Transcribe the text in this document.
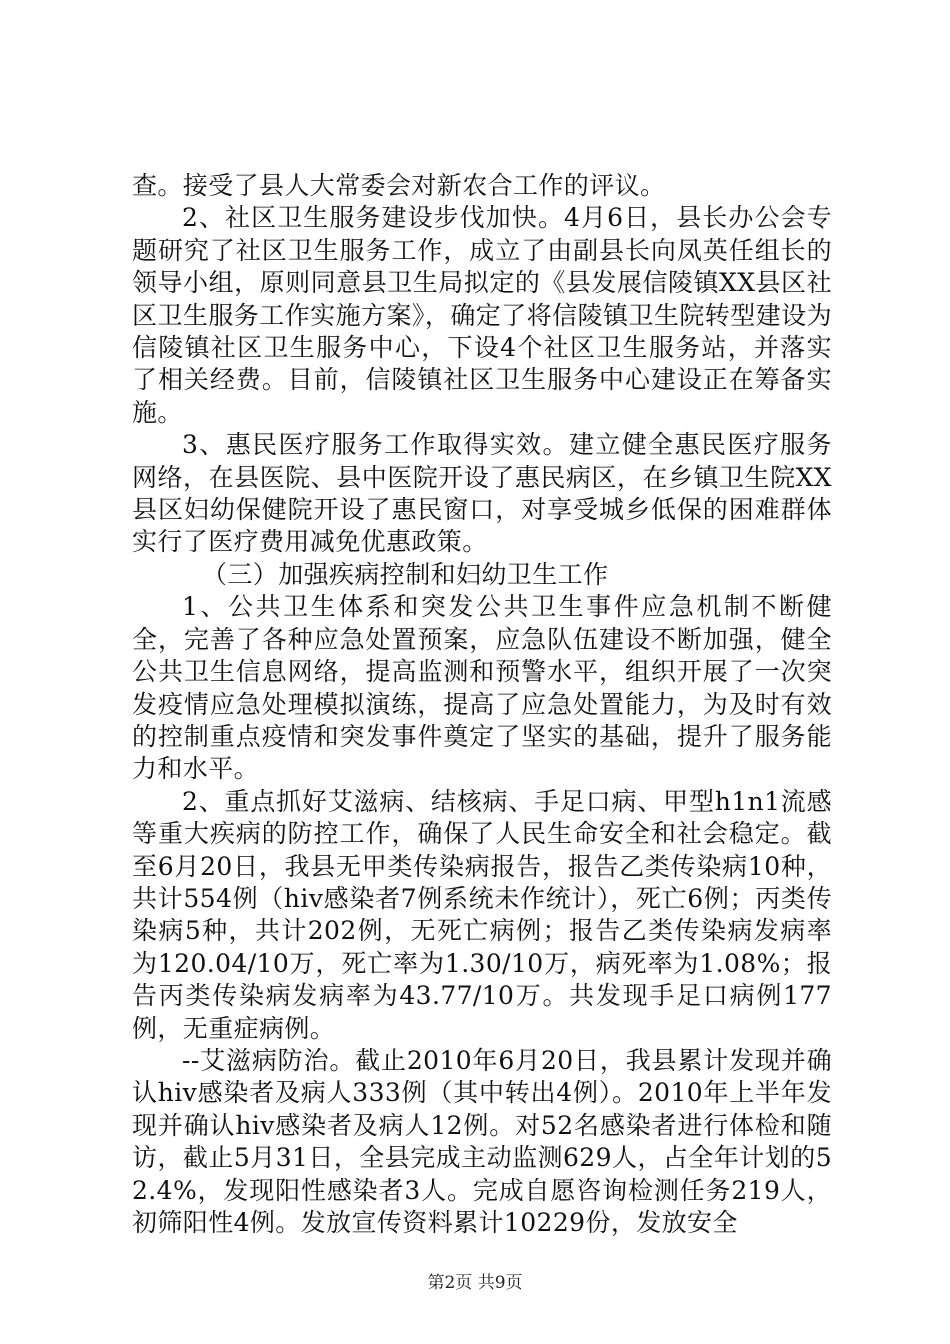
查。接受了县人大常委会对新农合工作的评议。

2、社区卫生服务建设步伐加快。4月6日，县长办公会专题研究了社区卫生服务工作，成立了由副县长向凤英任组长的领导小组，原则同意县卫生局拟定的《县发展信陵镇XX县区社区卫生服务工作实施方案》，确定了将信陵镇卫生院转型建设为信陵镇社区卫生服务中心，下设4个社区卫生服务站，并落实了相关经费。目前，信陵镇社区卫生服务中心建设正在筹备实施。

3、惠民医疗服务工作取得实效。建立健全惠民医疗服务网络，在县医院、县中医院开设了惠民病区，在乡镇卫生院XX县区妇幼保健院开设了惠民窗口，对享受城乡低保的困难群体实行了医疗费用减免优惠政策。

（三）加强疾病控制和妇幼卫生工作

1、公共卫生体系和突发公共卫生事件应急机制不断健全，完善了各种应急处置预案，应急队伍建设不断加强，健全公共卫生信息网络，提高监测和预警水平，组织开展了一次突发疫情应急处理模拟演练，提高了应急处置能力，为及时有效的控制重点疫情和突发事件奠定了坚实的基础，提升了服务能力和水平。

2、重点抓好艾滋病、结核病、手足口病、甲型h1n1流感等重大疾病的防控工作，确保了人民生命安全和社会稳定。截至6月20日，我县无甲类传染病报告，报告乙类传染病10种，共计554例（hiv感染者7例系统未作统计），死亡6例；丙类传染病5种，共计202例，无死亡病例；报告乙类传染病发病率为120.04/10万，死亡率为1.30/10万，病死率为1.08%；报告丙类传染病发病率为43.77/10万。共发现手足口病例177例，无重症病例。

--艾滋病防治。截止2010年6月20日，我县累计发现并确认hiv感染者及病人333例（其中转出4例）。2010年上半年发现并确认hiv感染者及病人12例。对52名感染者进行体检和随访，截止5月31日，全县完成主动监测629人，占全年计划的52.4%，发现阳性感染者3人。完成自愿咨询检测任务219人，初筛阳性4例。发放宣传资料累计10229份，发放安全

第2页 共9页
